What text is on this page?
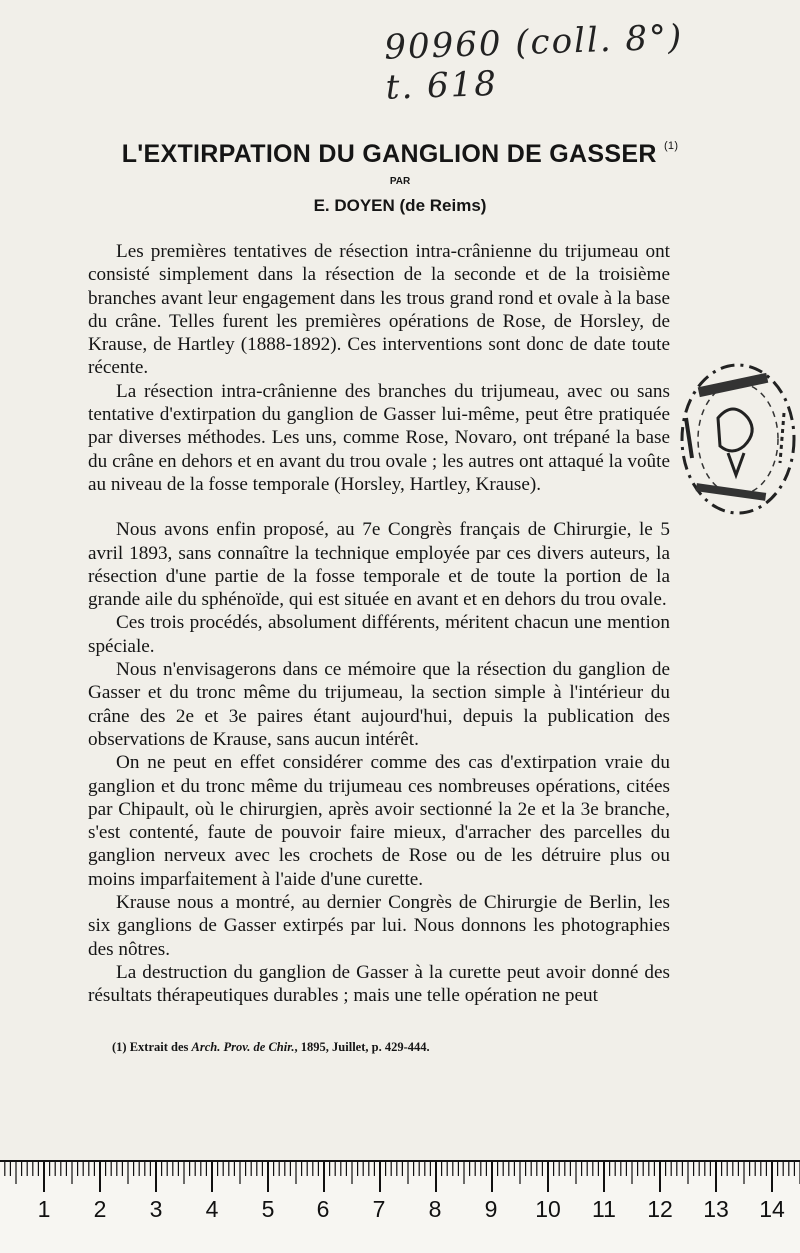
90960 (coll. 8°) t. 618
L'EXTIRPATION DU GANGLION DE GASSER $^{(1)}$
PAR
E. DOYEN (de Reims)

Les premières tentatives de résection intra-crânienne du trijumeau ont consisté simplement dans la résection de la seconde et de la troisième branches avant leur engagement dans les trous grand rond et ovale à la base du crâne. Telles furent les premières opérations de Rose, de Horsley, de Krause, de Hartley (1888-1892). Ces interventions sont donc de date toute récente.

La résection intra-crânienne des branches du trijumeau, avec ou sans tentative d'extirpation du ganglion de Gasser lui-même, peut être pratiquée par diverses méthodes. Les uns, comme Rose, Novaro, ont trépané la base du crâne en dehors et en avant du trou ovale ; les autres ont attaqué la voûte au niveau de la fosse temporale (Horsley, Hartley, Krause).

Nous avons enfin proposé, au 7e Congrès français de Chirurgie, le 5 avril 1893, sans connaître la technique employée par ces divers auteurs, la résection d'une partie de la fosse temporale et de toute la portion de la grande aile du sphénoïde, qui est située en avant et en dehors du trou ovale.

Ces trois procédés, absolument différents, méritent chacun une mention spéciale.

Nous n'envisagerons dans ce mémoire que la résection du ganglion de Gasser et du tronc même du trijumeau, la section simple à l'intérieur du crâne des 2e et 3e paires étant aujourd'hui, depuis la publication des observations de Krause, sans aucun intérêt.

On ne peut en effet considérer comme des cas d'extirpation vraie du ganglion et du tronc même du trijumeau ces nombreuses opérations, citées par Chipault, où le chirurgien, après avoir sectionné la 2e et la 3e branche, s'est contenté, faute de pouvoir faire mieux, d'arracher des parcelles du ganglion nerveux avec les crochets de Rose ou de les détruire plus ou moins imparfaitement à l'aide d'une curette.

Krause nous a montré, au dernier Congrès de Chirurgie de Berlin, les six ganglions de Gasser extirpés par lui. Nous donnons les photographies des nôtres.

La destruction du ganglion de Gasser à la curette peut avoir donné des résultats thérapeutiques durables ; mais une telle opération ne peut

(1) Extrait des Arch. Prov. de Chir., 1895, Juillet, p. 429-444.
1	2	3	4	5	6	7	8	9	10	11	12	13	14
